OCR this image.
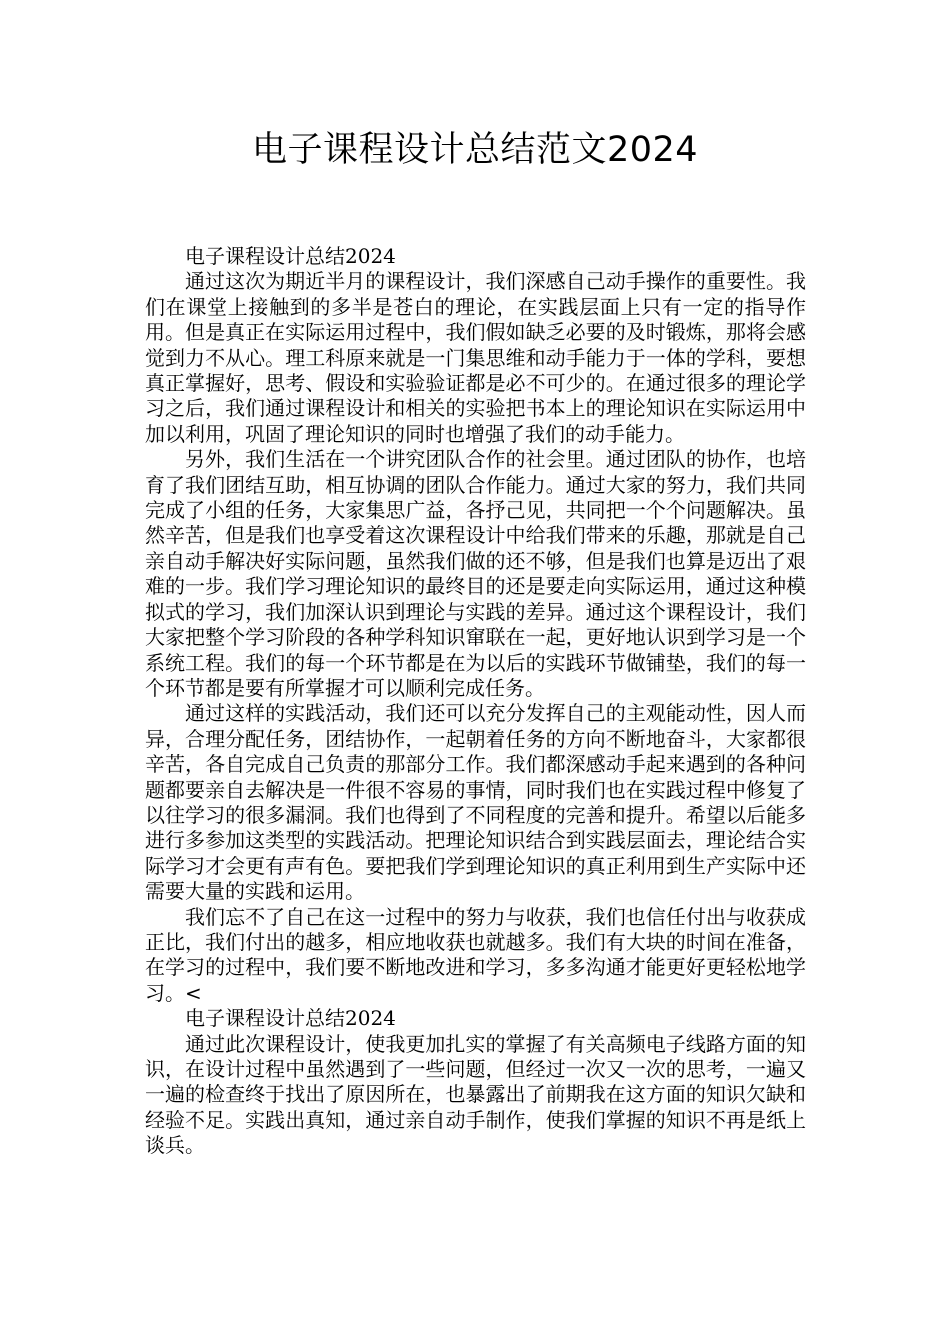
电子课程设计总结范文2024

电子课程设计总结2024

通过这次为期近半月的课程设计，我们深感自己动手操作的重要性。我们在课堂上接触到的多半是苍白的理论，在实践层面上只有一定的指导作用。但是真正在实际运用过程中，我们假如缺乏必要的及时锻炼，那将会感觉到力不从心。理工科原来就是一门集思维和动手能力于一体的学科，要想真正掌握好，思考、假设和实验验证都是必不可少的。在通过很多的理论学习之后，我们通过课程设计和相关的实验把书本上的理论知识在实际运用中加以利用，巩固了理论知识的同时也增强了我们的动手能力。

另外，我们生活在一个讲究团队合作的社会里。通过团队的协作，也培育了我们团结互助，相互协调的团队合作能力。通过大家的努力，我们共同完成了小组的任务，大家集思广益，各抒己见，共同把一个个问题解决。虽然辛苦，但是我们也享受着这次课程设计中给我们带来的乐趣，那就是自己亲自动手解决好实际问题，虽然我们做的还不够，但是我们也算是迈出了艰难的一步。我们学习理论知识的最终目的还是要走向实际运用，通过这种模拟式的学习，我们加深认识到理论与实践的差异。通过这个课程设计，我们大家把整个学习阶段的各种学科知识窜联在一起，更好地认识到学习是一个系统工程。我们的每一个环节都是在为以后的实践环节做铺垫，我们的每一个环节都是要有所掌握才可以顺利完成任务。

通过这样的实践活动，我们还可以充分发挥自己的主观能动性，因人而异，合理分配任务，团结协作，一起朝着任务的方向不断地奋斗，大家都很辛苦，各自完成自己负责的那部分工作。我们都深感动手起来遇到的各种问题都要亲自去解决是一件很不容易的事情，同时我们也在实践过程中修复了以往学习的很多漏洞。我们也得到了不同程度的完善和提升。希望以后能多进行多参加这类型的实践活动。把理论知识结合到实践层面去，理论结合实际学习才会更有声有色。要把我们学到理论知识的真正利用到生产实际中还需要大量的实践和运用。

我们忘不了自己在这一过程中的努力与收获，我们也信任付出与收获成正比，我们付出的越多，相应地收获也就越多。我们有大块的时间在准备，在学习的过程中，我们要不断地改进和学习，多多沟通才能更好更轻松地学习。<

电子课程设计总结2024

通过此次课程设计，使我更加扎实的掌握了有关高频电子线路方面的知识，在设计过程中虽然遇到了一些问题，但经过一次又一次的思考，一遍又一遍的检查终于找出了原因所在，也暴露出了前期我在这方面的知识欠缺和经验不足。实践出真知，通过亲自动手制作，使我们掌握的知识不再是纸上谈兵。
